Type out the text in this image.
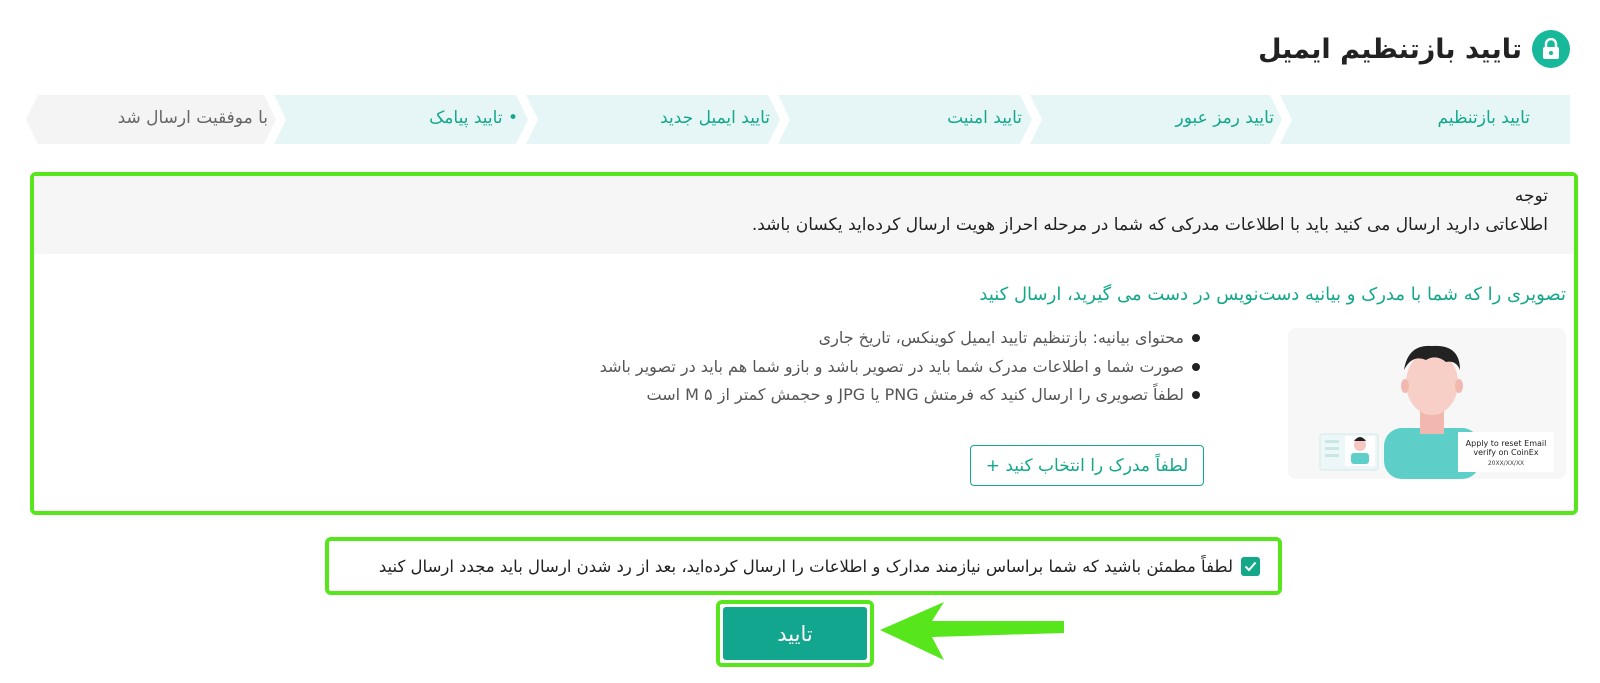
تایید بازتنظیم ایمیل
تایید بازتنظیم
تایید رمز عبور
تایید امنیت
تایید ایمیل جدید
• تایید پیامک
با موفقیت ارسال شد
توجه
اطلاعاتی دارید ارسال می کنید باید با اطلاعات مدرکی که شما در مرحله احراز هویت ارسال کرده‌اید یکسان باشد.
تصویری را که شما با مدرک و بیانیه دست‌نویس در دست می گیرید، ارسال کنید
Apply to reset Email
verify on CoinEx
20XX/XX/XX
محتوای بیانیه: بازتنظیم تایید ایمیل کوینکس، تاریخ جاری
صورت شما و اطلاعات مدرک شما باید در تصویر باشد و بازو شما هم باید در تصویر باشد
لطفاً تصویری را ارسال کنید که فرمتش PNG یا JPG و حجمش کمتر از ۵ M است
لطفاً مدرک را انتخاب کنید +
لطفاً مطمئن باشید که شما براساس نیازمند مدارک و اطلاعات را ارسال کرده‌اید، بعد از رد شدن ارسال باید مجدد ارسال کنید
تایید
